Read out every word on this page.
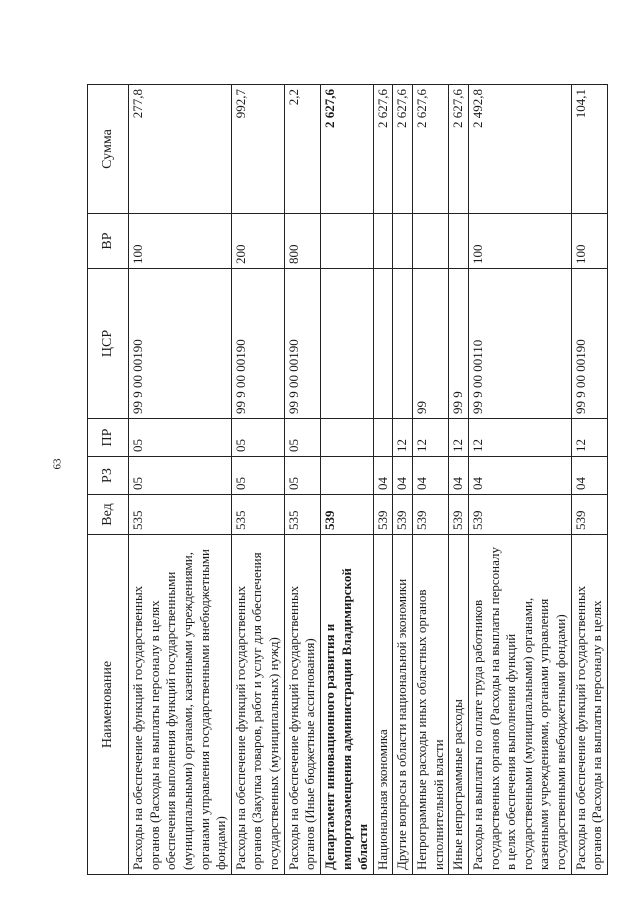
63
Наименование	Вед	РЗ	ПР	ЦСР	ВР	Сумма
Расходы на обеспечение функций государственных органов (Расходы на выплаты персоналу в целях обеспечения выполнения функций государственными (муниципальными) органами, казенными учреждениями, органами управления государственными внебюджетными фондами)	535	05	05	99 9 00 00190	100	277,8
Расходы на обеспечение функций государственных органов (Закупка товаров, работ и услуг для обеспечения государственных (муниципальных) нужд)	535	05	05	99 9 00 00190	200	992,7
Расходы на обеспечение функций государственных органов (Иные бюджетные ассигнования)	535	05	05	99 9 00 00190	800	2,2
Департамент инновационного развития и импортозамещения администрации Владимирской области	539					2 627,6
Национальная экономика	539	04				2 627,6
Другие вопросы в области национальной экономики	539	04	12			2 627,6
Непрограммные расходы иных областных органов исполнительной власти	539	04	12	99		2 627,6
Иные непрограммные расходы	539	04	12	99 9		2 627,6
Расходы на выплаты по оплате труда работников государственных органов (Расходы на выплаты персоналу в целях обеспечения выполнения функций государственными (муниципальными) органами, казенными учреждениями, органами управления государственными внебюджетными фондами)	539	04	12	99 9 00 00110	100	2 492,8
Расходы на обеспечение функций государственных органов (Расходы на выплаты персоналу в целях	539	04	12	99 9 00 00190	100	104,1
